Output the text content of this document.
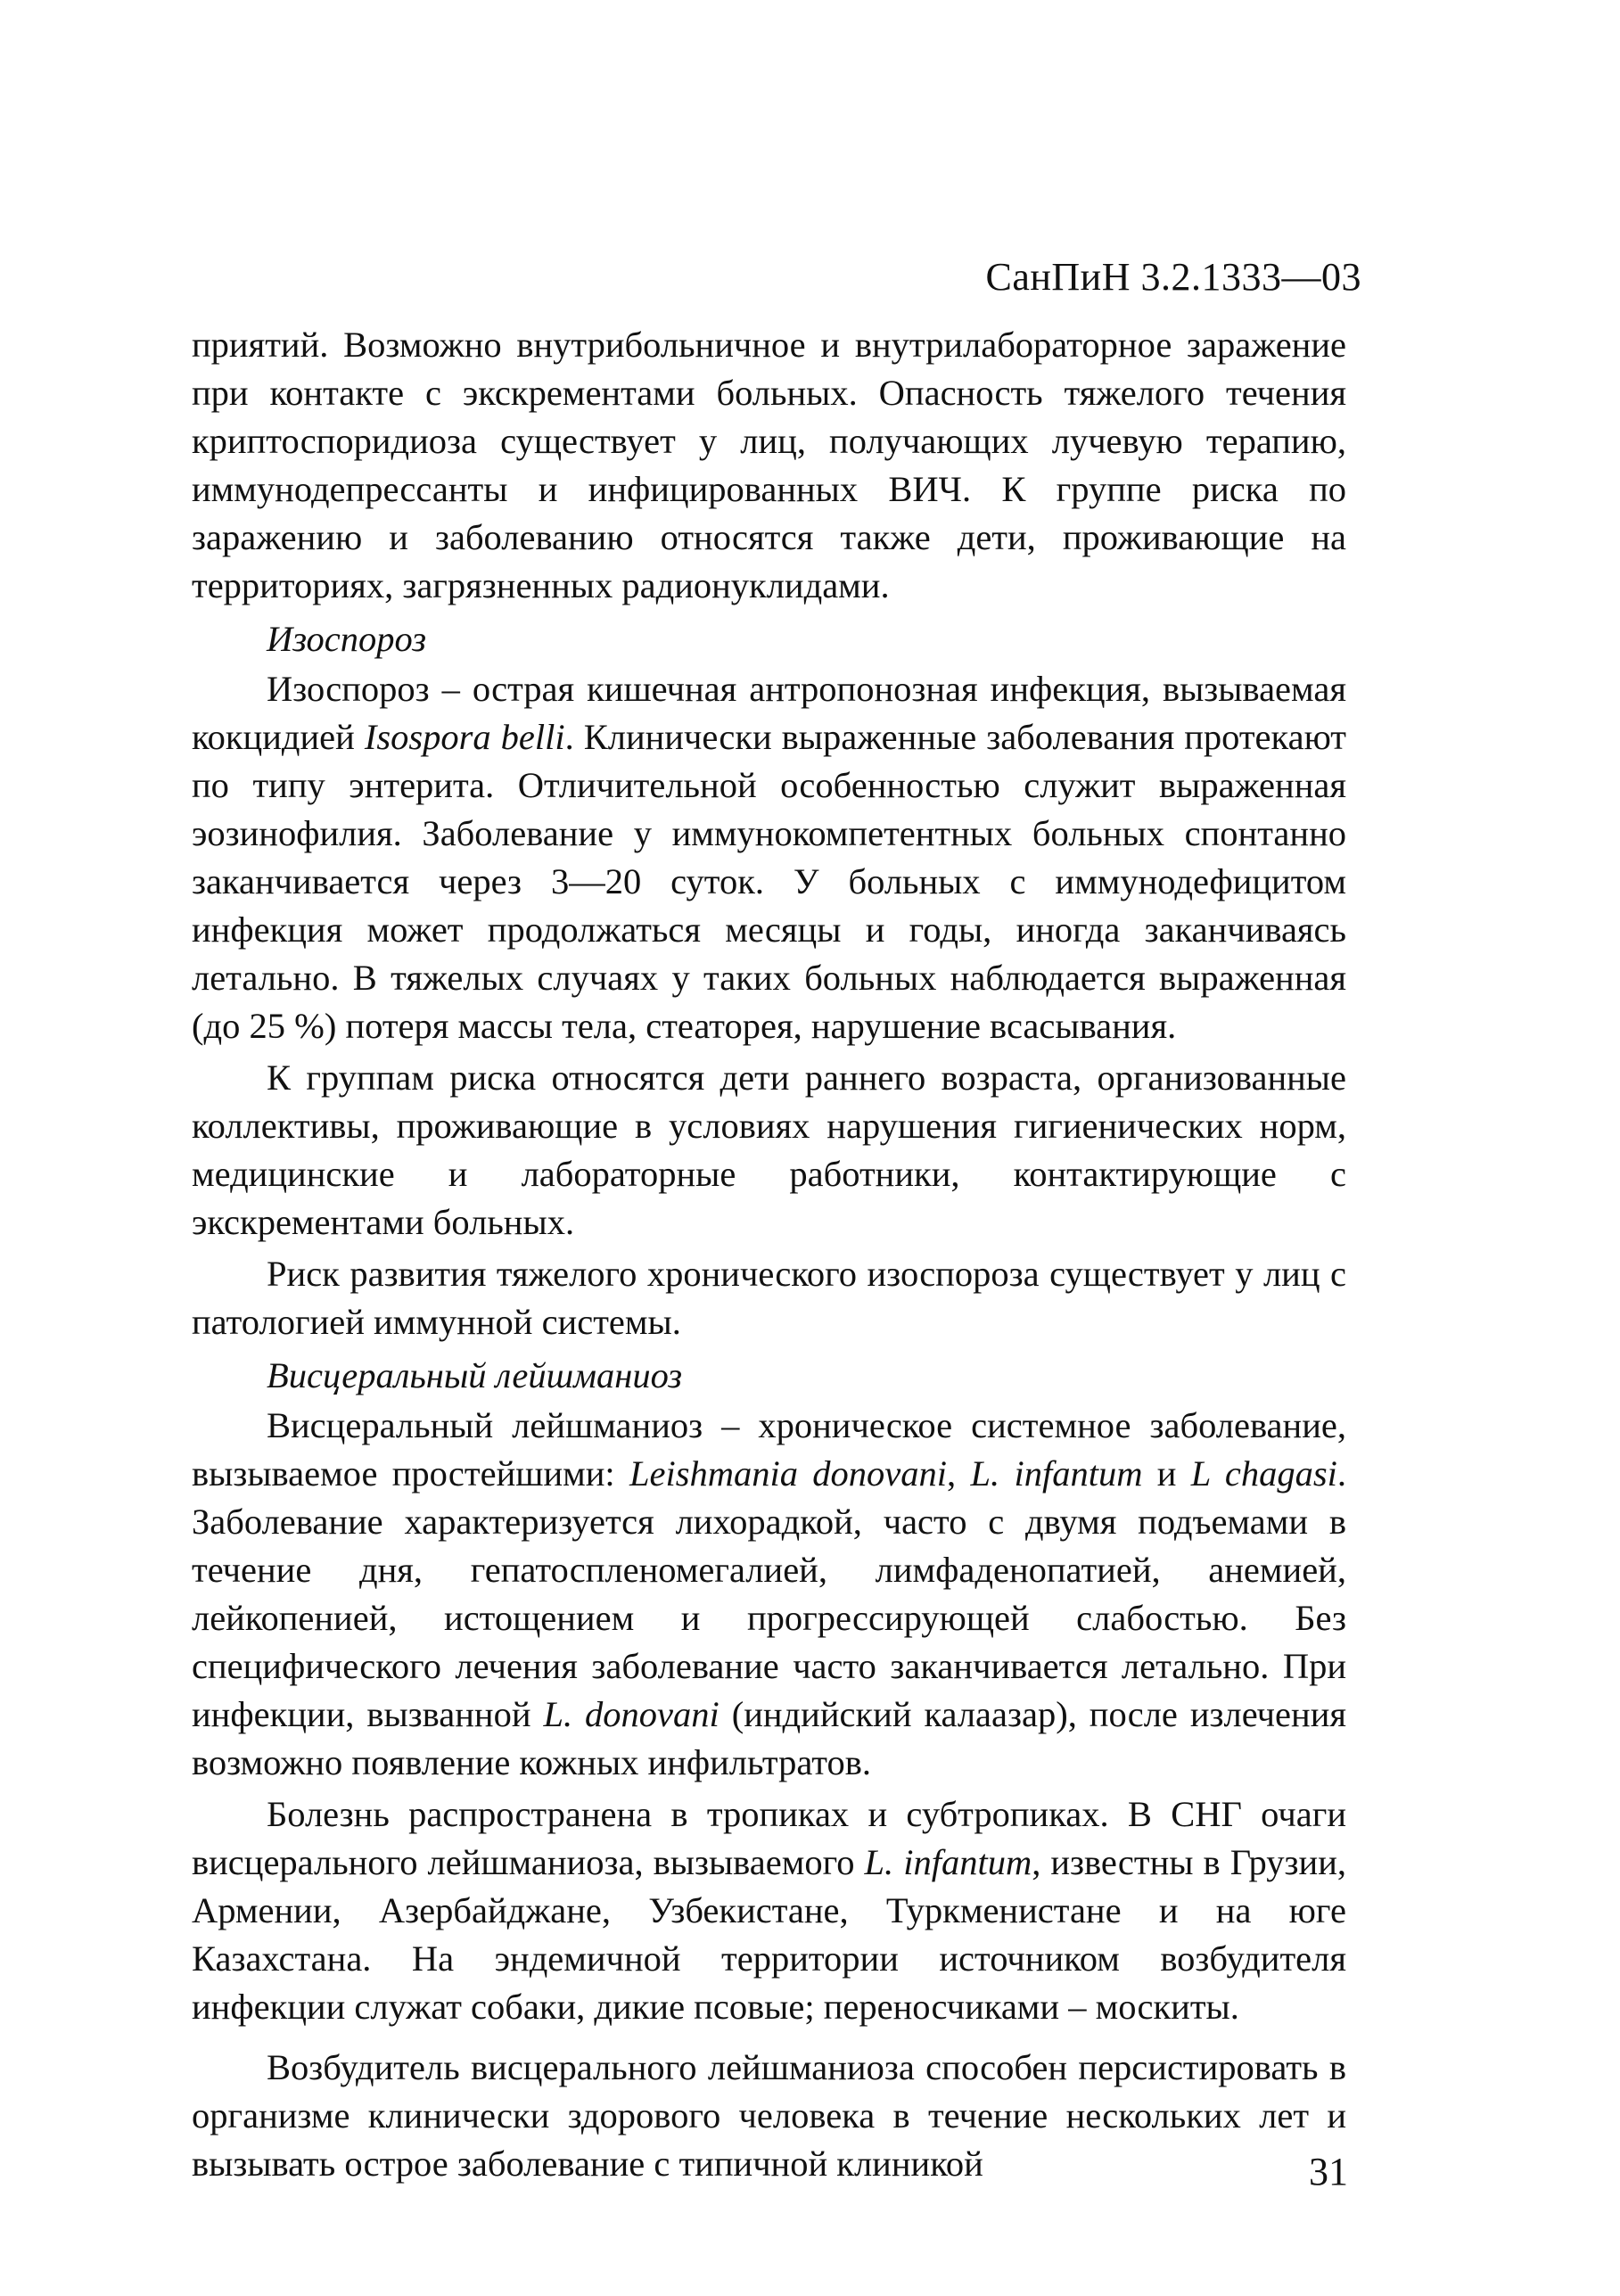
СанПиН 3.2.1333—03

приятий. Возможно внутрибольничное и внутрилабораторное заражение при контакте с экскрементами больных. Опасность тяжелого течения криптоспоридиоза существует у лиц, получающих лучевую терапию, иммунодепрессанты и инфицированных ВИЧ. К группе риска по заражению и заболеванию относятся также дети, проживающие на территориях, загрязненных радионуклидами.

Изоспороз

Изоспороз – острая кишечная антропонозная инфекция, вызываемая кокцидией Isospora belli. Клинически выраженные заболевания протекают по типу энтерита. Отличительной особенностью служит выраженная эозинофилия. Заболевание у иммунокомпетентных больных спонтанно заканчивается через 3—20 суток. У больных с иммунодефицитом инфекция может продолжаться месяцы и годы, иногда заканчиваясь летально. В тяжелых случаях у таких больных наблюдается выраженная (до 25 %) потеря массы тела, стеаторея, нарушение всасывания.

К группам риска относятся дети раннего возраста, организованные коллективы, проживающие в условиях нарушения гигиенических норм, медицинские и лабораторные работники, контактирующие с экскрементами больных.

Риск развития тяжелого хронического изоспороза существует у лиц с патологией иммунной системы.

Висцеральный лейшманиоз

Висцеральный лейшманиоз – хроническое системное заболевание, вызываемое простейшими: Leishmania donovani, L. infantum и L chagasi. Заболевание характеризуется лихорадкой, часто с двумя подъемами в течение дня, гепатоспленомегалией, лимфаденопатией, анемией, лейкопенией, истощением и прогрессирующей слабостью. Без специфического лечения заболевание часто заканчивается летально. При инфекции, вызванной L. donovani (индийский калаазар), после излечения возможно появление кожных инфильтратов.

Болезнь распространена в тропиках и субтропиках. В СНГ очаги висцерального лейшманиоза, вызываемого L. infantum, известны в Грузии, Армении, Азербайджане, Узбекистане, Туркменистане и на юге Казахстана. На эндемичной территории источником возбудителя инфекции служат собаки, дикие псовые; переносчиками – москиты.

Возбудитель висцерального лейшманиоза способен персистировать в организме клинически здорового человека в течение нескольких лет и вызывать острое заболевание с типичной клиникой	31
